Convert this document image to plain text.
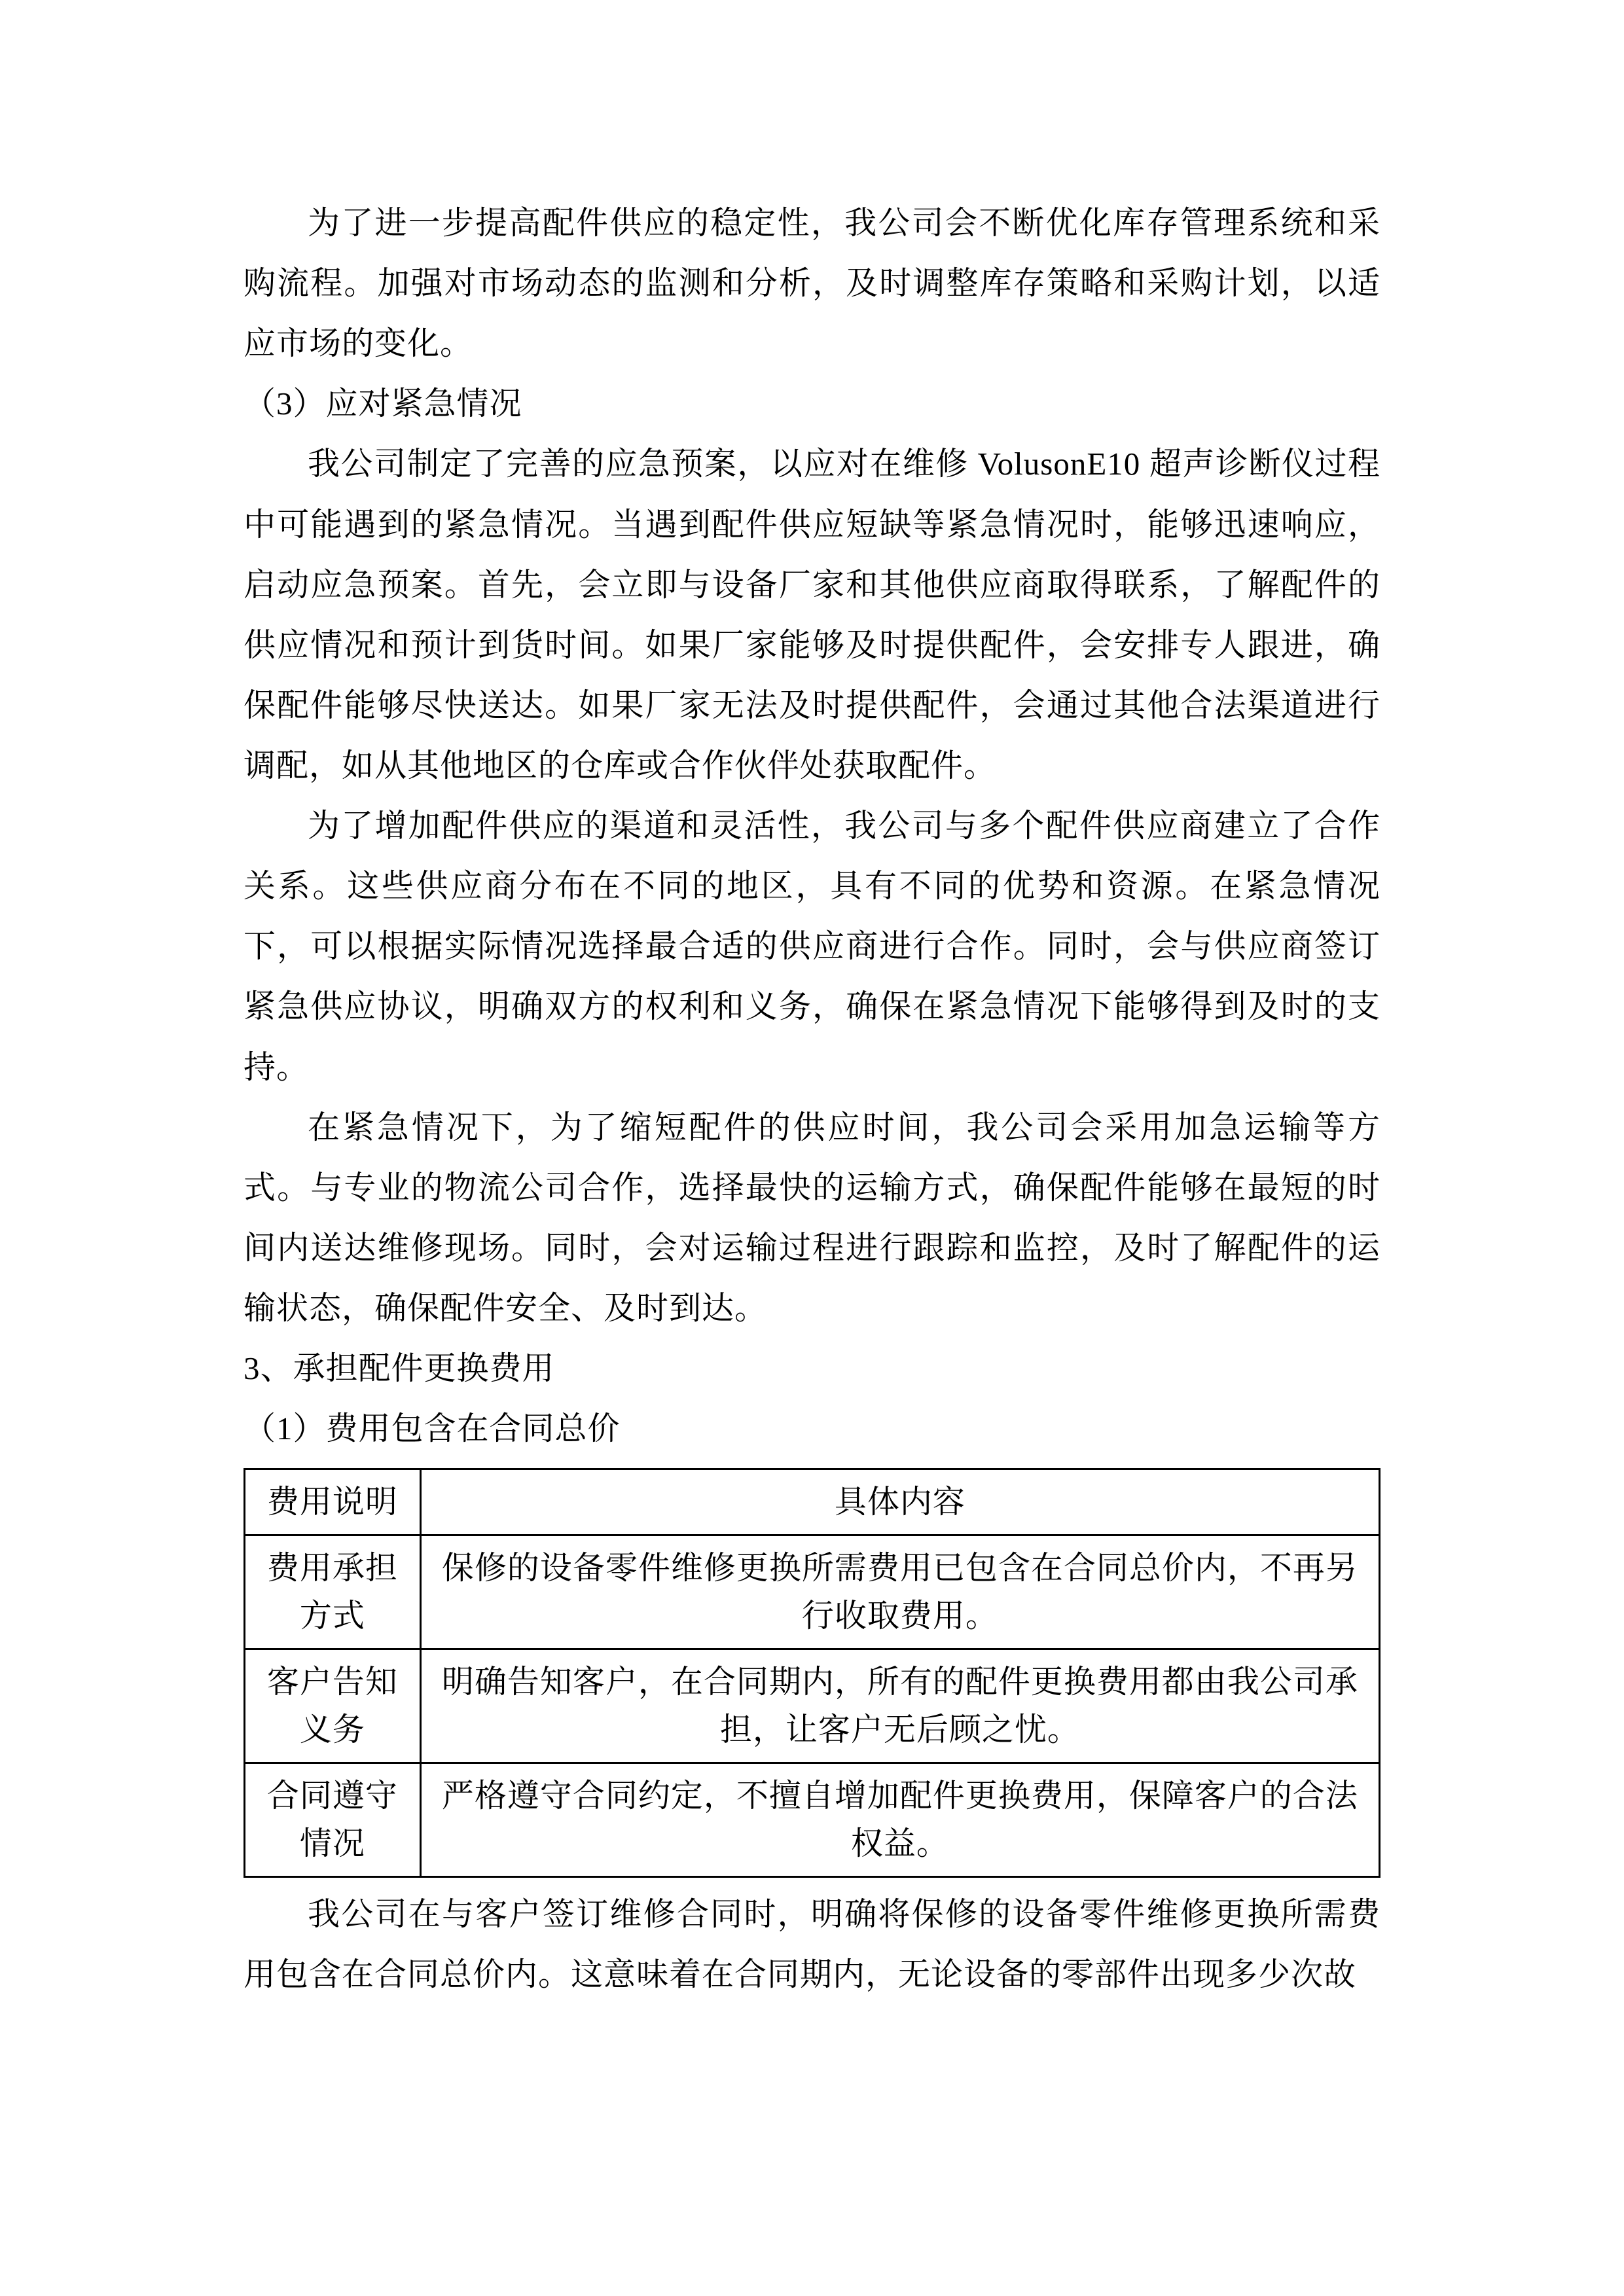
为了进一步提高配件供应的稳定性，我公司会不断优化库存管理系统和采购流程。加强对市场动态的监测和分析，及时调整库存策略和采购计划，以适应市场的变化。

（3）应对紧急情况

我公司制定了完善的应急预案，以应对在维修 VolusonE10 超声诊断仪过程中可能遇到的紧急情况。当遇到配件供应短缺等紧急情况时，能够迅速响应，启动应急预案。首先，会立即与设备厂家和其他供应商取得联系，了解配件的供应情况和预计到货时间。如果厂家能够及时提供配件，会安排专人跟进，确保配件能够尽快送达。如果厂家无法及时提供配件，会通过其他合法渠道进行调配，如从其他地区的仓库或合作伙伴处获取配件。

为了增加配件供应的渠道和灵活性，我公司与多个配件供应商建立了合作关系。这些供应商分布在不同的地区，具有不同的优势和资源。在紧急情况下，可以根据实际情况选择最合适的供应商进行合作。同时，会与供应商签订紧急供应协议，明确双方的权利和义务，确保在紧急情况下能够得到及时的支持。

在紧急情况下，为了缩短配件的供应时间，我公司会采用加急运输等方式。与专业的物流公司合作，选择最快的运输方式，确保配件能够在最短的时间内送达维修现场。同时，会对运输过程进行跟踪和监控，及时了解配件的运输状态，确保配件安全、及时到达。

3、承担配件更换费用

（1）费用包含在合同总价

费用说明	具体内容
费用承担方式	保修的设备零件维修更换所需费用已包含在合同总价内，不再另行收取费用。
客户告知义务	明确告知客户，在合同期内，所有的配件更换费用都由我公司承担，让客户无后顾之忧。
合同遵守情况	严格遵守合同约定，不擅自增加配件更换费用，保障客户的合法权益。

我公司在与客户签订维修合同时，明确将保修的设备零件维修更换所需费用包含在合同总价内。这意味着在合同期内，无论设备的零部件出现多少次故
